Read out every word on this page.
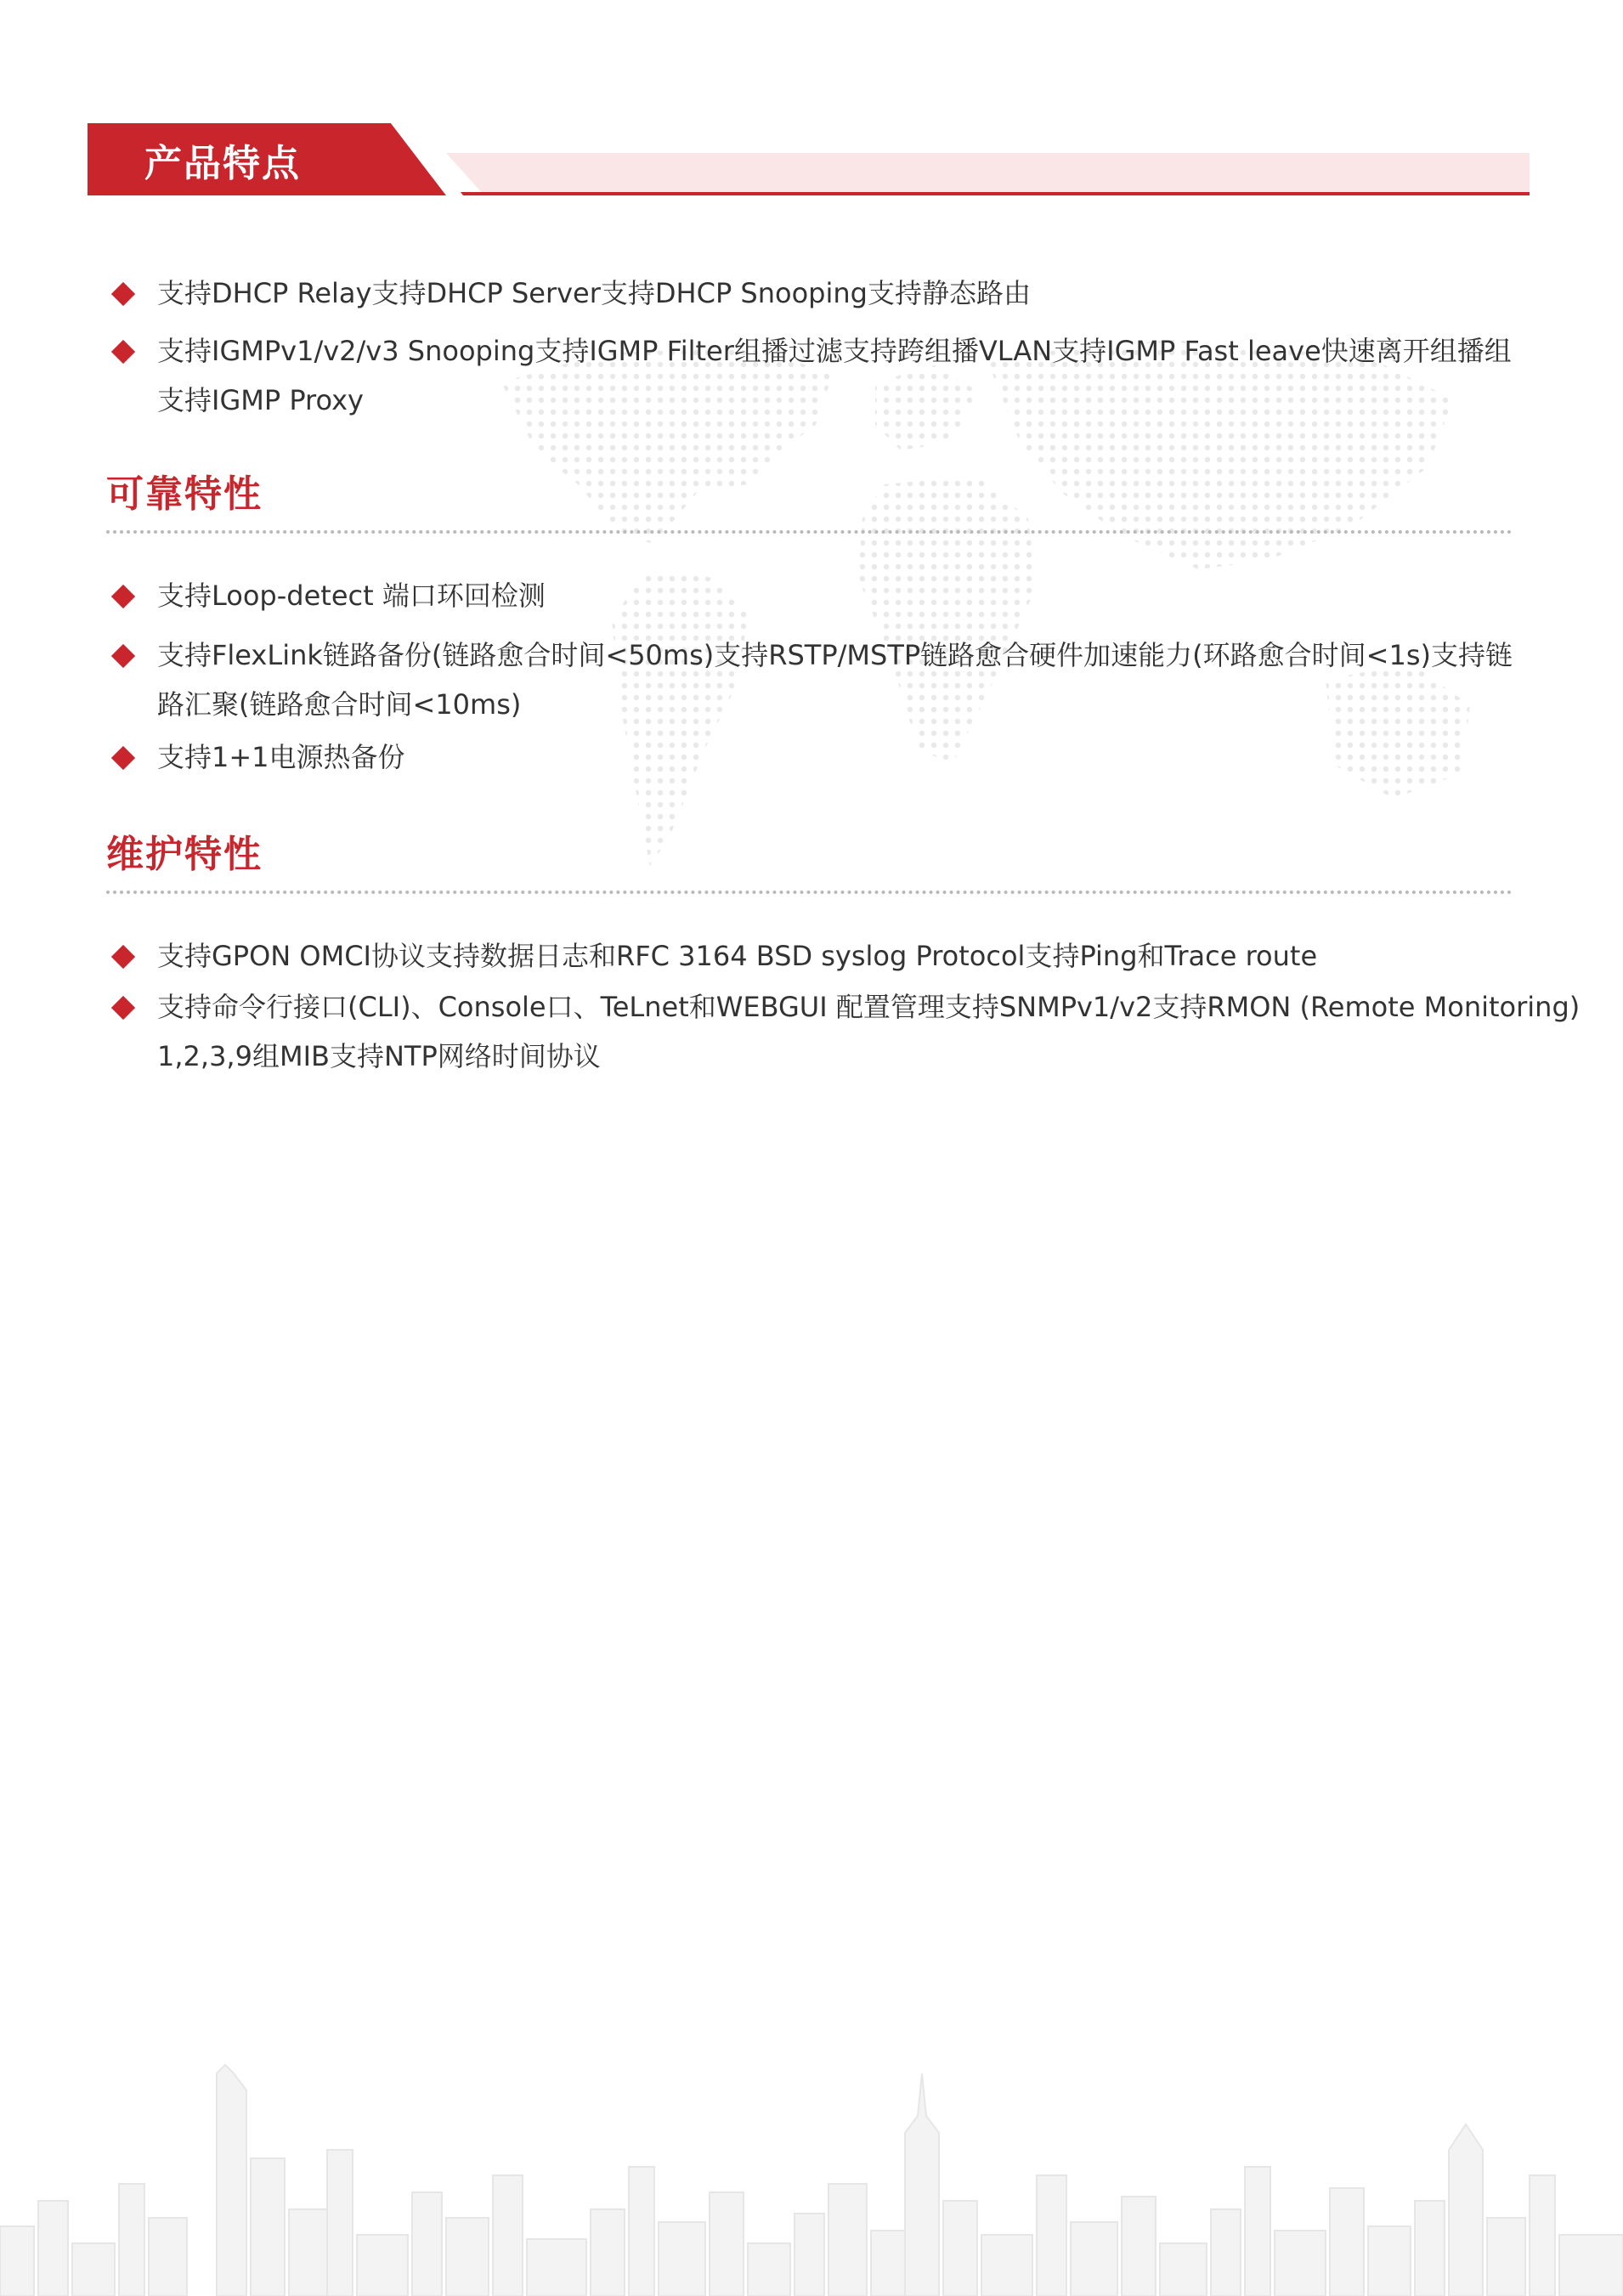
产品特点
支持DHCP Relay支持DHCP Server支持DHCP Snooping支持静态路由
支持IGMPv1/v2/v3 Snooping支持IGMP Filter组播过滤支持跨组播VLAN支持IGMP Fast leave快速离开组播组
支持IGMP Proxy
可靠特性
支持Loop-detect 端口环回检测
支持FlexLink链路备份(链路愈合时间<50ms)支持RSTP/MSTP链路愈合硬件加速能力(环路愈合时间<1s)支持链
路汇聚(链路愈合时间<10ms)
支持1+1电源热备份
维护特性
支持GPON OMCI协议支持数据日志和RFC 3164 BSD syslog Protocol支持Ping和Trace route
支持命令行接口(CLI)、Console口、TeLnet和WEBGUI 配置管理支持SNMPv1/v2支持RMON (Remote Monitoring)
1,2,3,9组MIB支持NTP网络时间协议
